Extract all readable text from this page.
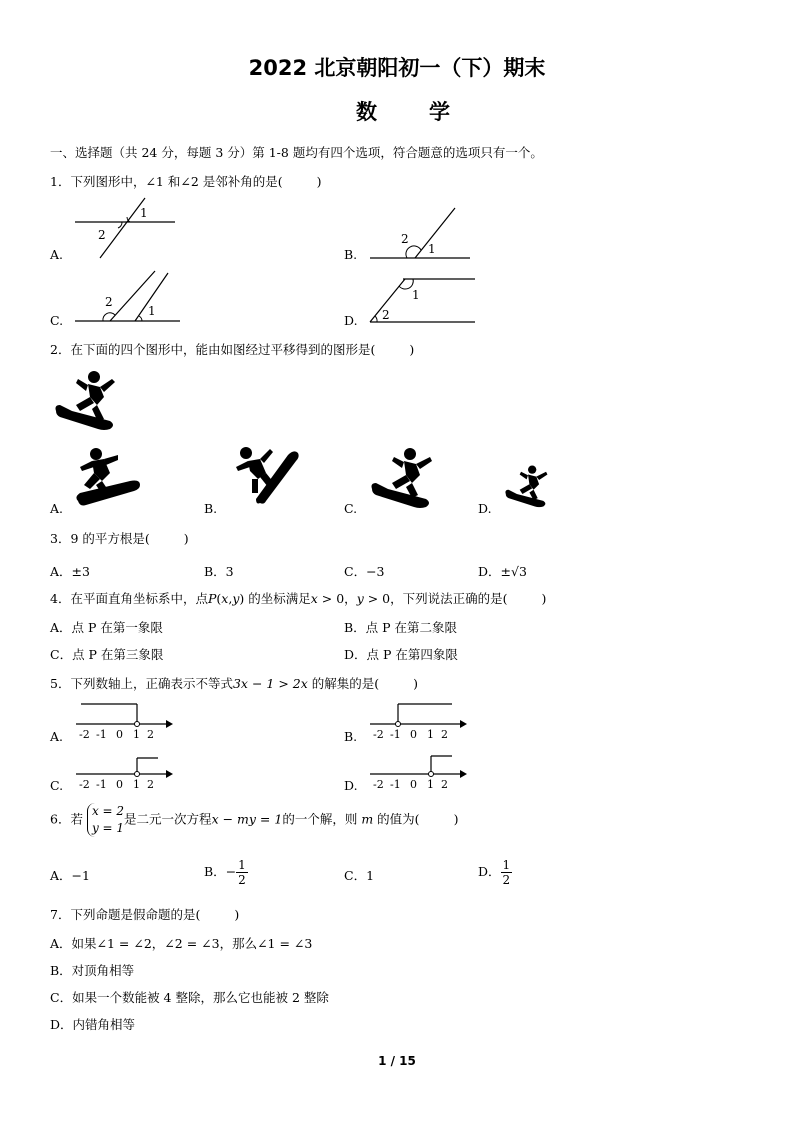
2022 北京朝阳初一（下）期末
数学
一、选择题（共 24 分，每题 3 分）第 1-8 题均有四个选项，符合题意的选项只有一个。
1．下列图形中，∠1 和∠2 是邻补角的是(	)
1
2
A.	1
2
B.
1
2
C.
1
2
D.
2．在下面的四个图形中，能由如图经过平移得到的图形是(	)
A.	B.	C.	D.
3．9 的平方根是(	)
A．±3	B．3	C．−3	D．±√3
4．在平面直角坐标系中，点P(x,y) 的坐标满足x > 0，y > 0，下列说法正确的是(	)
A．点 P 在第一象限	B．点 P 在第二象限
C．点 P 在第三象限	D．点 P 在第四象限
5．下列数轴上，正确表示不等式3x − 1 > 2x 的解集的是(	)
-2 -1 0 1 2
A.	-2 -1 0 1 2
B.
-2 -1 0 1 2
C.	-2 -1 0 1 2
D.
6．若 x = 2
y = 1是二元一次方程x − my = 1的一个解，则 m 的值为(	)
A．−1	B．− $\frac{1}{2}$	C．1	D． $\frac{1}{2}$
7．下列命题是假命题的是(	)
A．如果∠1 = ∠2，∠2 = ∠3，那么∠1 = ∠3
B．对顶角相等
C．如果一个数能被 4 整除，那么它也能被 2 整除
D．内错角相等
1 / 15
